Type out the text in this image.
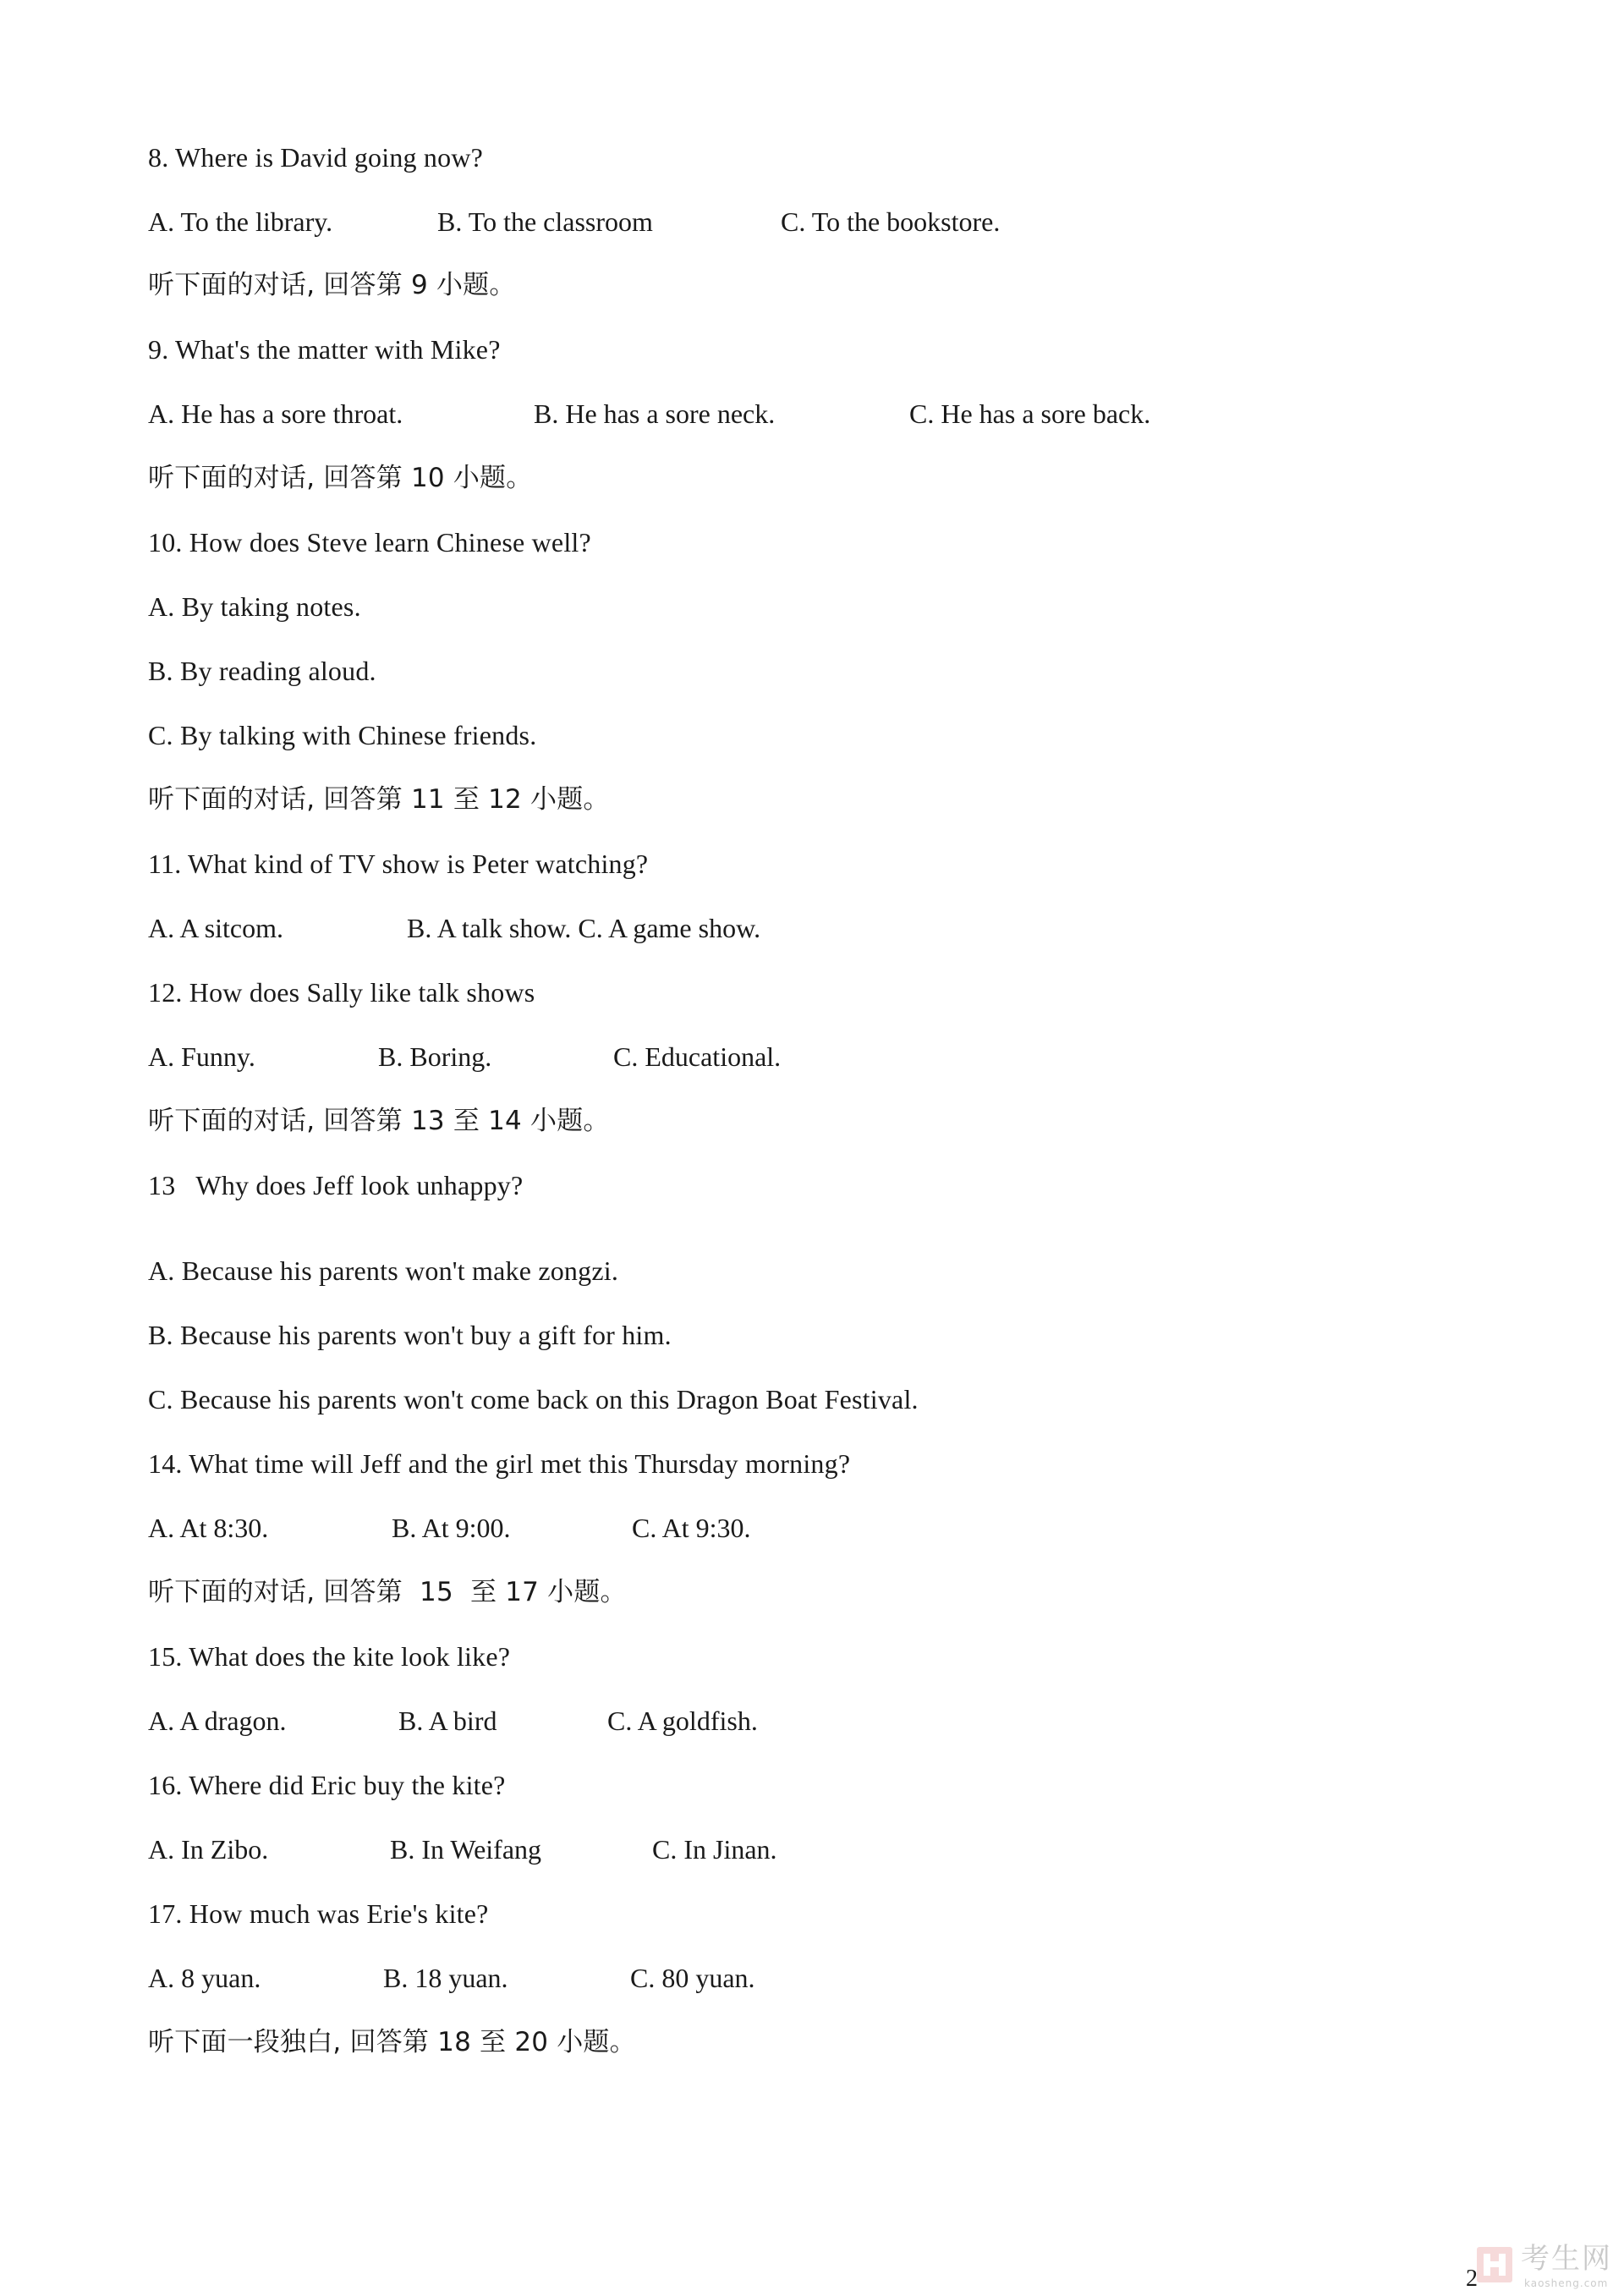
8. Where is David going now?
A. To the library.	B. To the classroom	C. To the bookstore.
听下面的对话, 回答第 9 小题。
9. What's the matter with Mike?
A. He has a sore throat.	B. He has a sore neck.	C. He has a sore back.
听下面的对话, 回答第 10 小题。
10. How does Steve learn Chinese well?
A. By taking notes.
B. By reading aloud.
C. By talking with Chinese friends.
听下面的对话, 回答第 11 至 12 小题。
11. What kind of TV show is Peter watching?
A. A sitcom.	B. A talk show. C. A game show.
12. How does Sally like talk shows
A. Funny.	B. Boring.	C. Educational.
听下面的对话, 回答第 13 至 14 小题。
13   Why does Jeff look unhappy?
A. Because his parents won't make zongzi.
B. Because his parents won't buy a gift for him.
C. Because his parents won't come back on this Dragon Boat Festival.
14. What time will Jeff and the girl met this Thursday morning?
A. At 8:30.	B. At 9:00.	C. At 9:30.
听下面的对话, 回答第  15  至 17 小题。
15. What does the kite look like?
A. A dragon.	B. A bird	C. A goldfish.
16. Where did Eric buy the kite?
A. In Zibo.	B. In Weifang	C. In Jinan.
17. How much was Erie's kite?
A. 8 yuan.	B. 18 yuan.	C. 80 yuan.
听下面一段独白, 回答第 18 至 20 小题。
考生网
kaosheng.com
2
